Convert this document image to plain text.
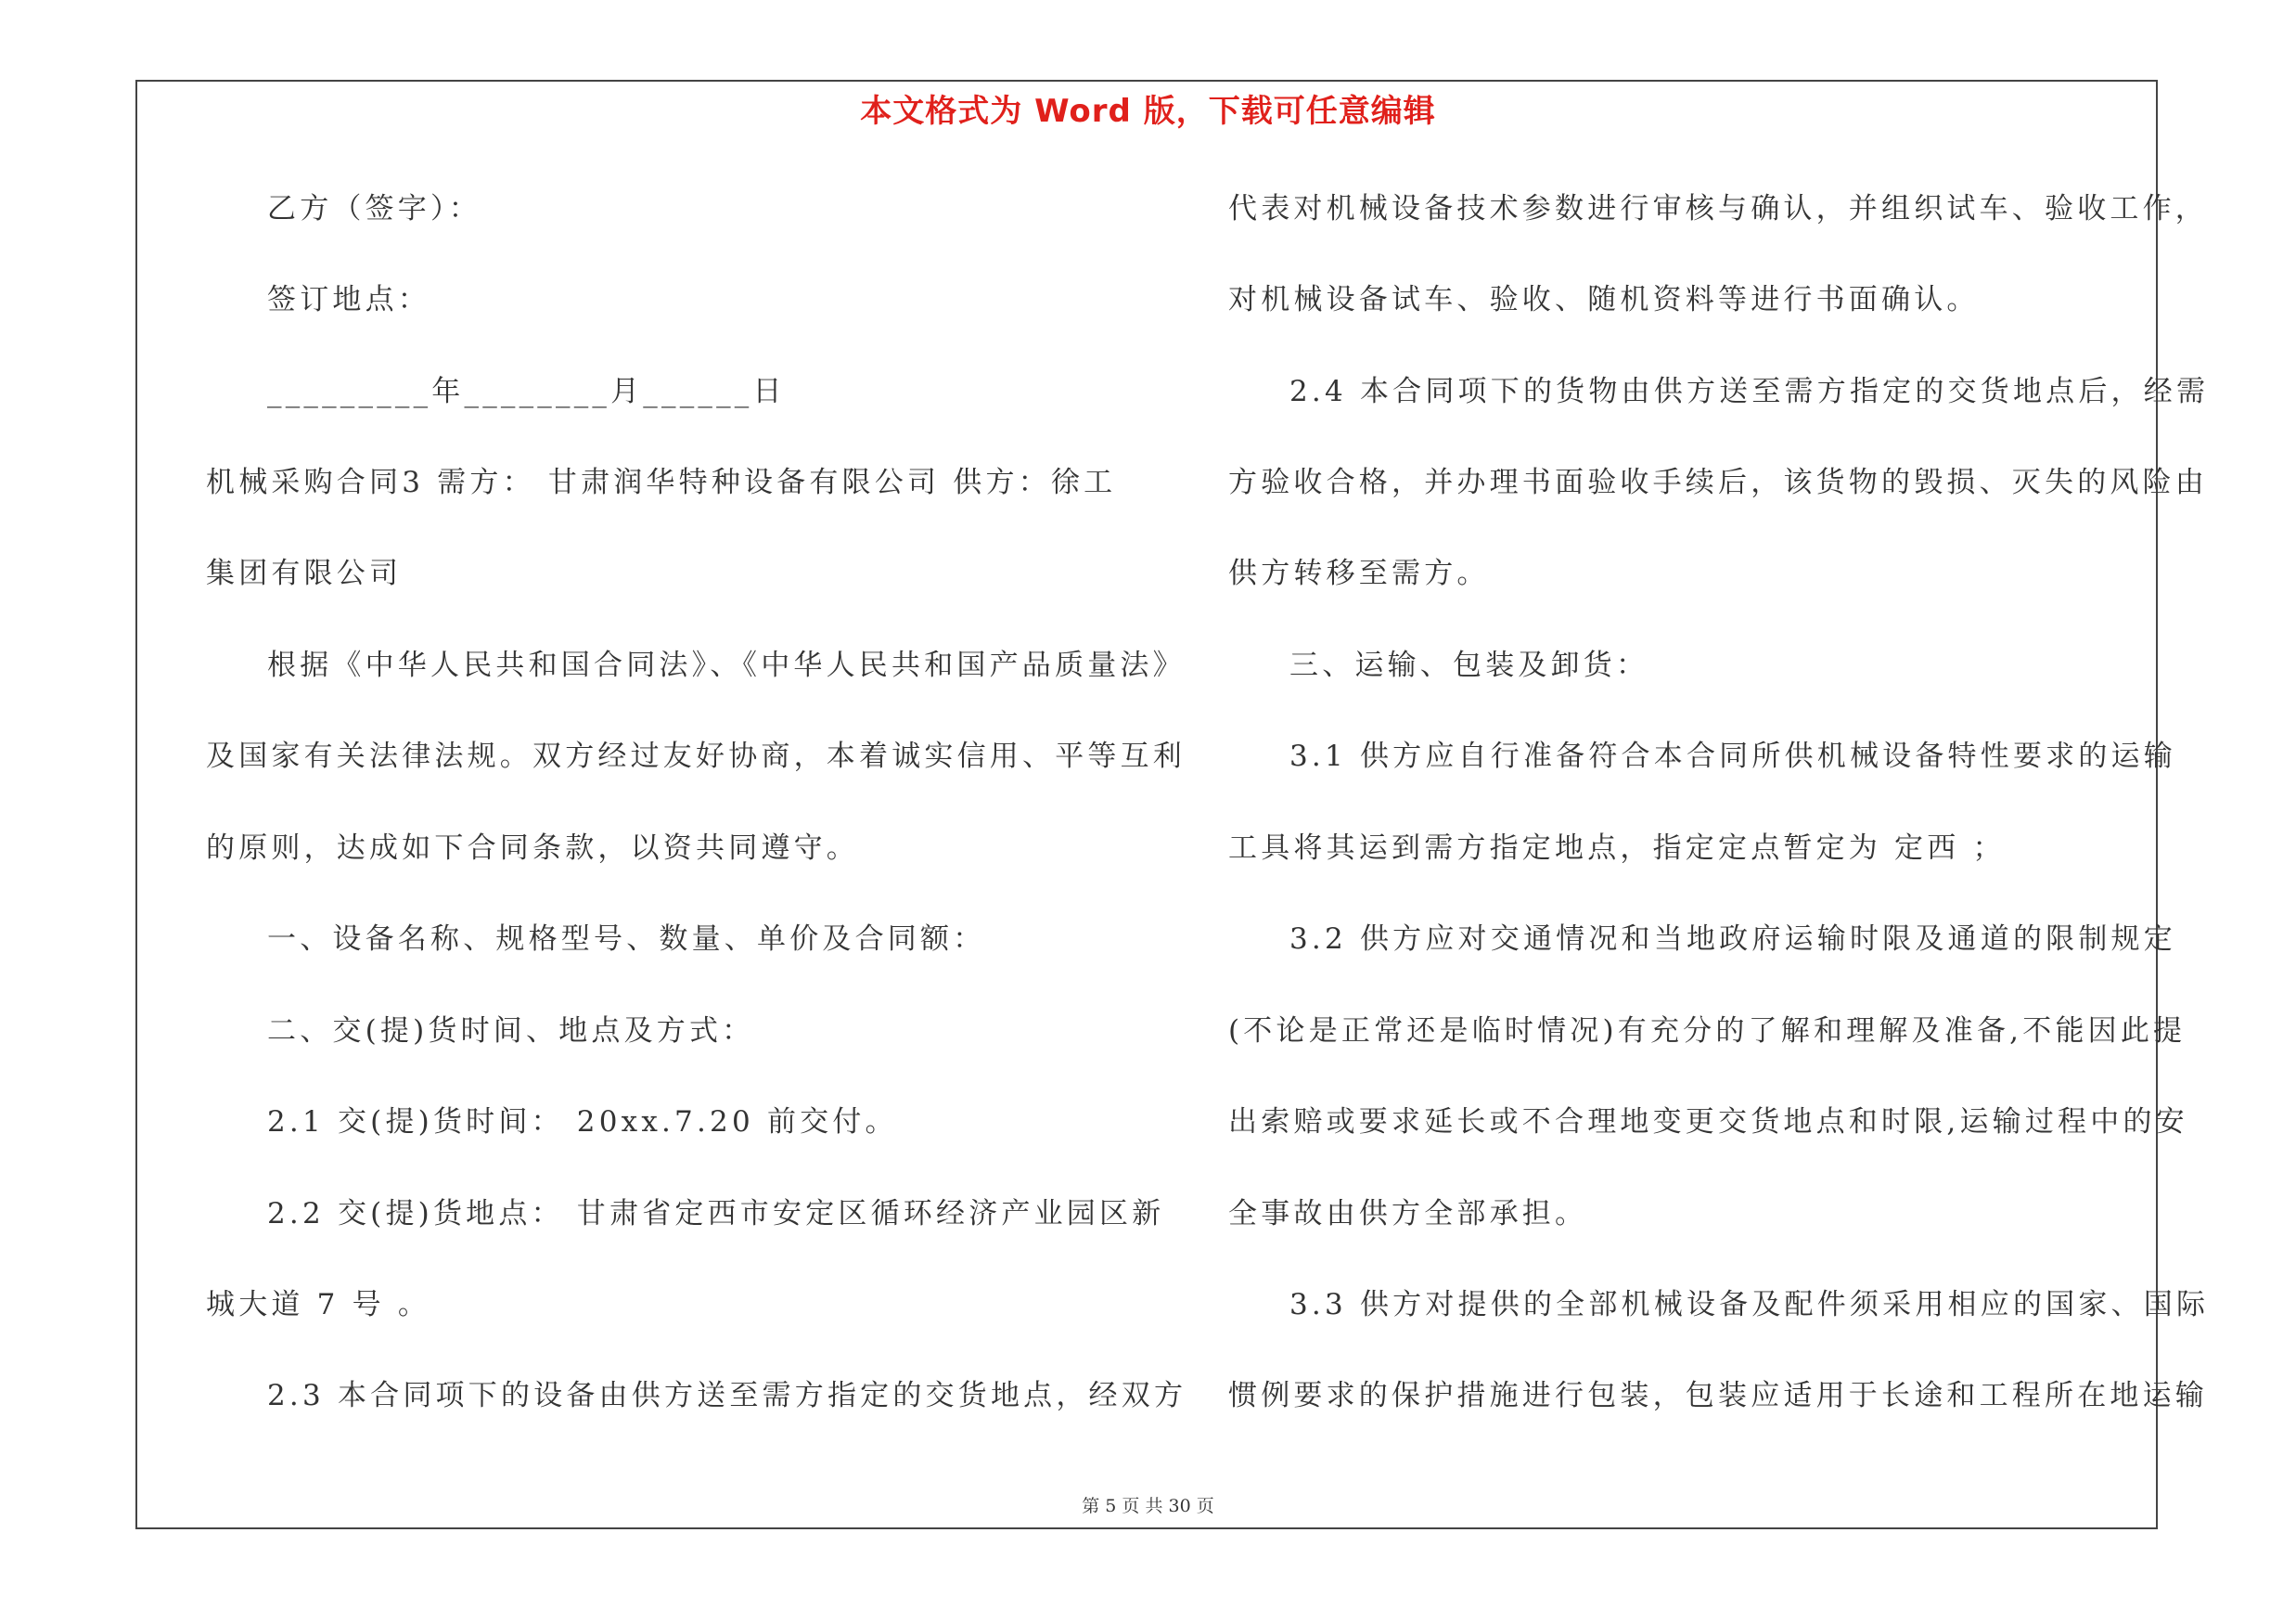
本文格式为 Word 版，下载可任意编辑
乙方（签字）：
签订地点：
_________年________月______日
机械采购合同3 需方： 甘肃润华特种设备有限公司 供方：徐工
集团有限公司
根据《中华人民共和国合同法》、《中华人民共和国产品质量法》
及国家有关法律法规。双方经过友好协商，本着诚实信用、平等互利
的原则，达成如下合同条款，以资共同遵守。
一、设备名称、规格型号、数量、单价及合同额：
二、交(提)货时间、地点及方式：
2.1 交(提)货时间： 20xx.7.20 前交付。
2.2 交(提)货地点： 甘肃省定西市安定区循环经济产业园区新
城大道 7 号 。
2.3 本合同项下的设备由供方送至需方指定的交货地点，经双方
代表对机械设备技术参数进行审核与确认，并组织试车、验收工作，
对机械设备试车、验收、随机资料等进行书面确认。
2.4 本合同项下的货物由供方送至需方指定的交货地点后，经需
方验收合格，并办理书面验收手续后，该货物的毁损、灭失的风险由
供方转移至需方。
三、运输、包装及卸货：
3.1 供方应自行准备符合本合同所供机械设备特性要求的运输
工具将其运到需方指定地点，指定定点暂定为 定西 ；
3.2 供方应对交通情况和当地政府运输时限及通道的限制规定
(不论是正常还是临时情况)有充分的了解和理解及准备,不能因此提
出索赔或要求延长或不合理地变更交货地点和时限,运输过程中的安
全事故由供方全部承担。
3.3 供方对提供的全部机械设备及配件须采用相应的国家、国际
惯例要求的保护措施进行包装，包装应适用于长途和工程所在地运输
第 5 页 共 30 页
